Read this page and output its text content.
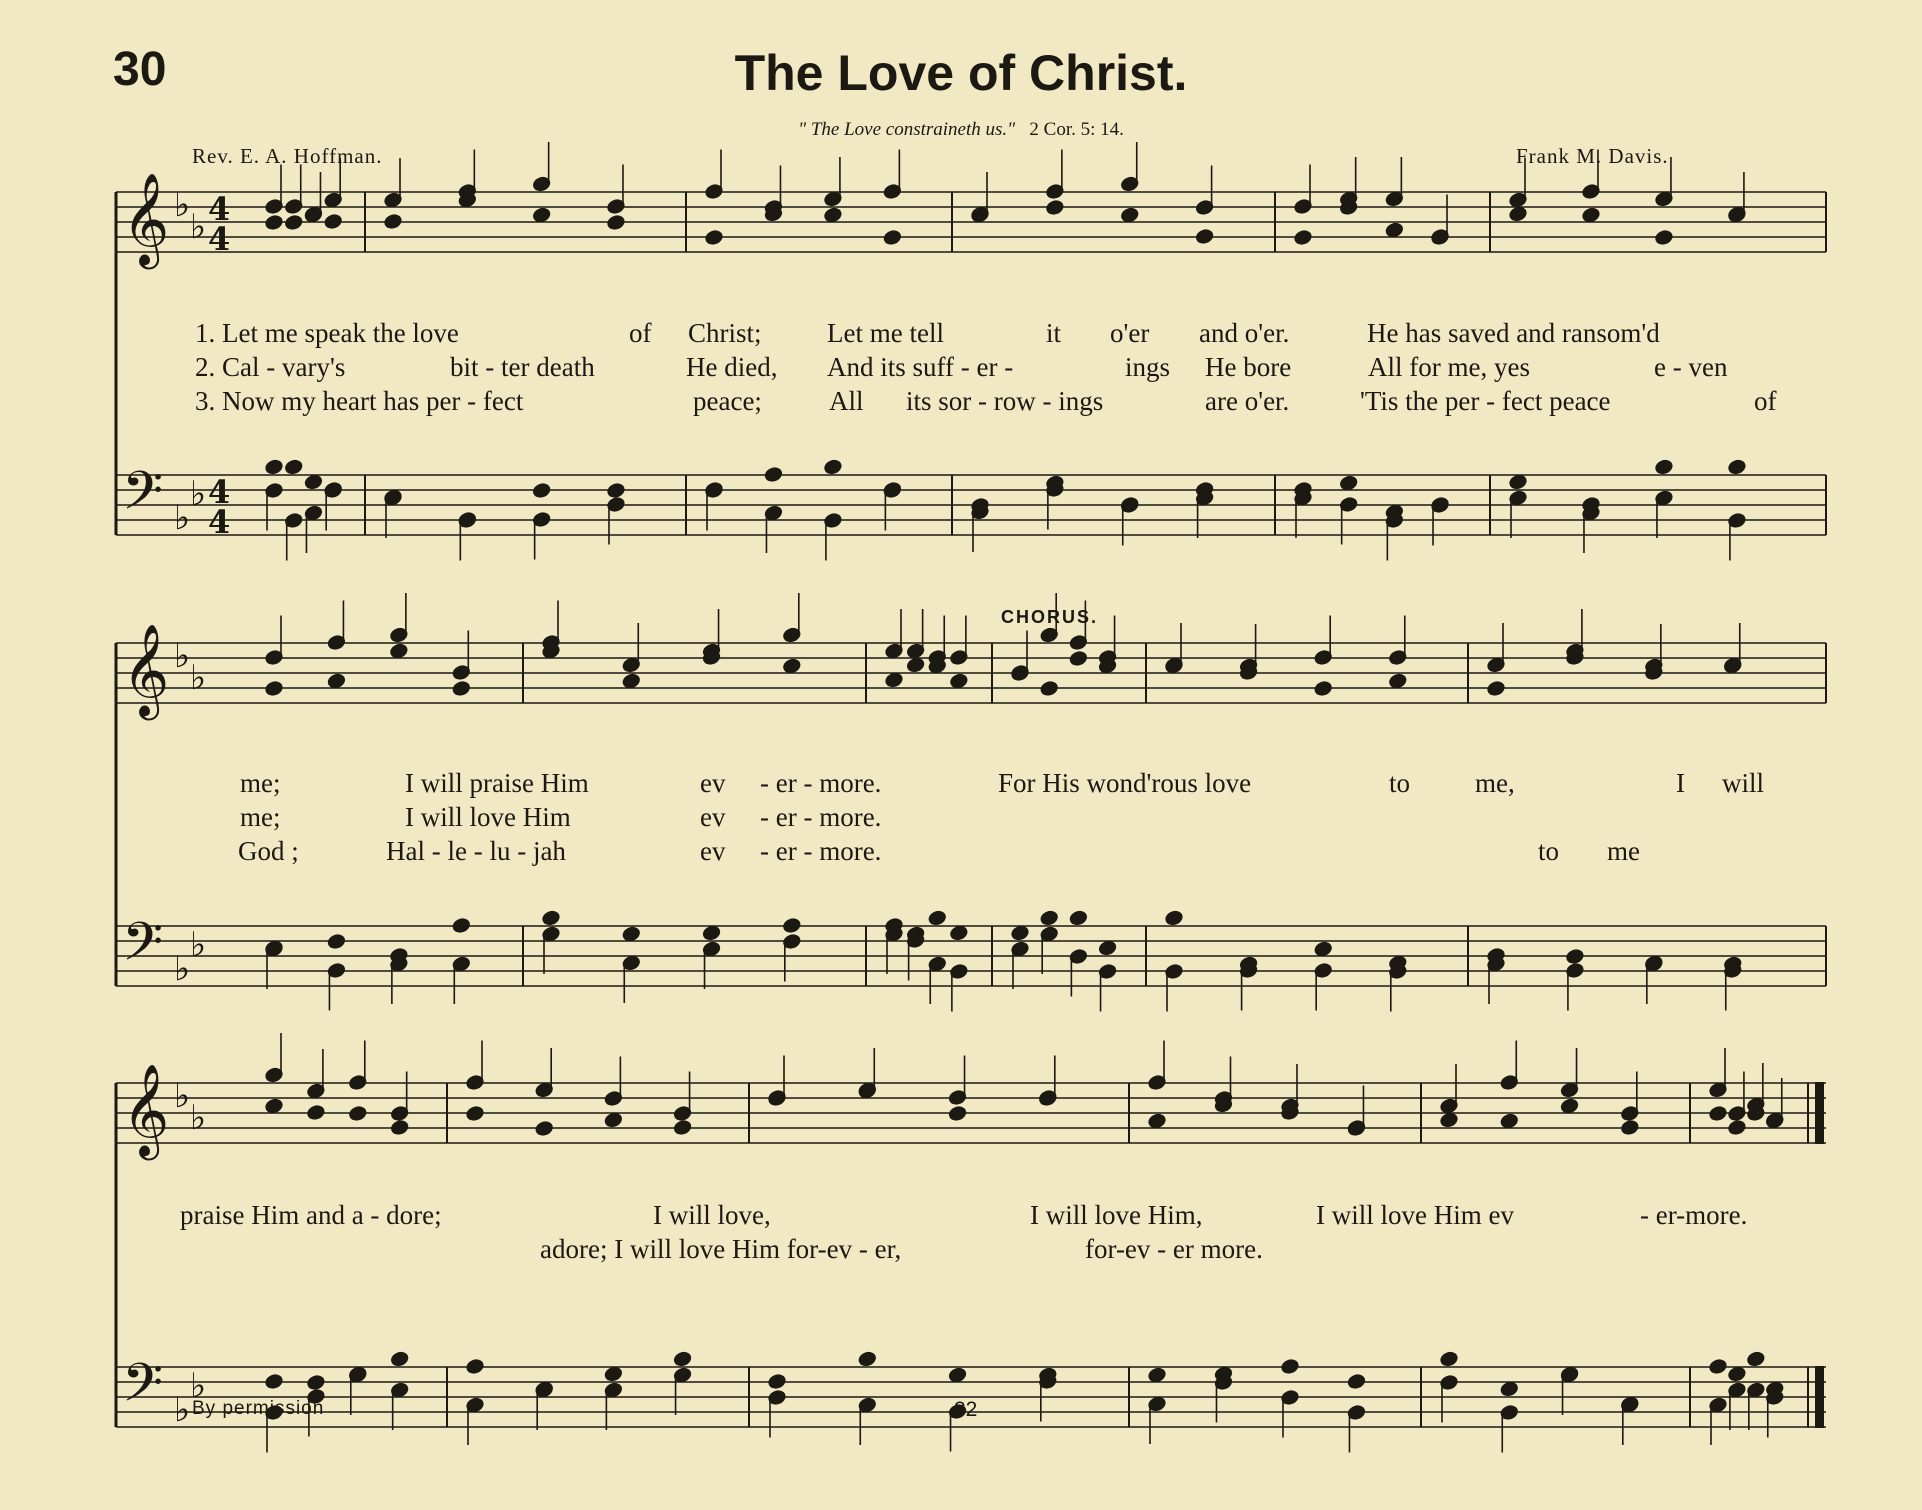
30	The Love of Christ.
" The Love constraineth us." 2 Cor. 5: 14.
Rev. E. A. Hoffman.	Frank M. Davis.
𝄞
𝄢
♭
♭
♭
♭
4
4
4
4
𝄞
𝄢
♭
♭
♭
♭
𝄞
𝄢
♭
♭
♭
♭
1. Let me speak the love	of Christ; Let me tell	it o'er and o'er.	He has saved and ransom'd
2. Cal - vary's	bit - ter death	He died, And its suff - er -	ings He bore	All for me, yes	e - ven
3. Now my heart has per - fect	peace; All its sor - row - ings	are o'er.	'Tis the per - fect peace	of
CHORUS.
me;	I will praise Him	ev - er - more.	For His wond'rous love	to me,	I will
me;	I will love Him	ev - er - more.
God ;	Hal - le - lu - jah	ev - er - more.	to me
praise Him and a - dore;	I will love,	I will love Him,	I will love Him ev	- er-more.
adore; I will love Him for-ev - er,	for-ev - er more.
By permission	32
